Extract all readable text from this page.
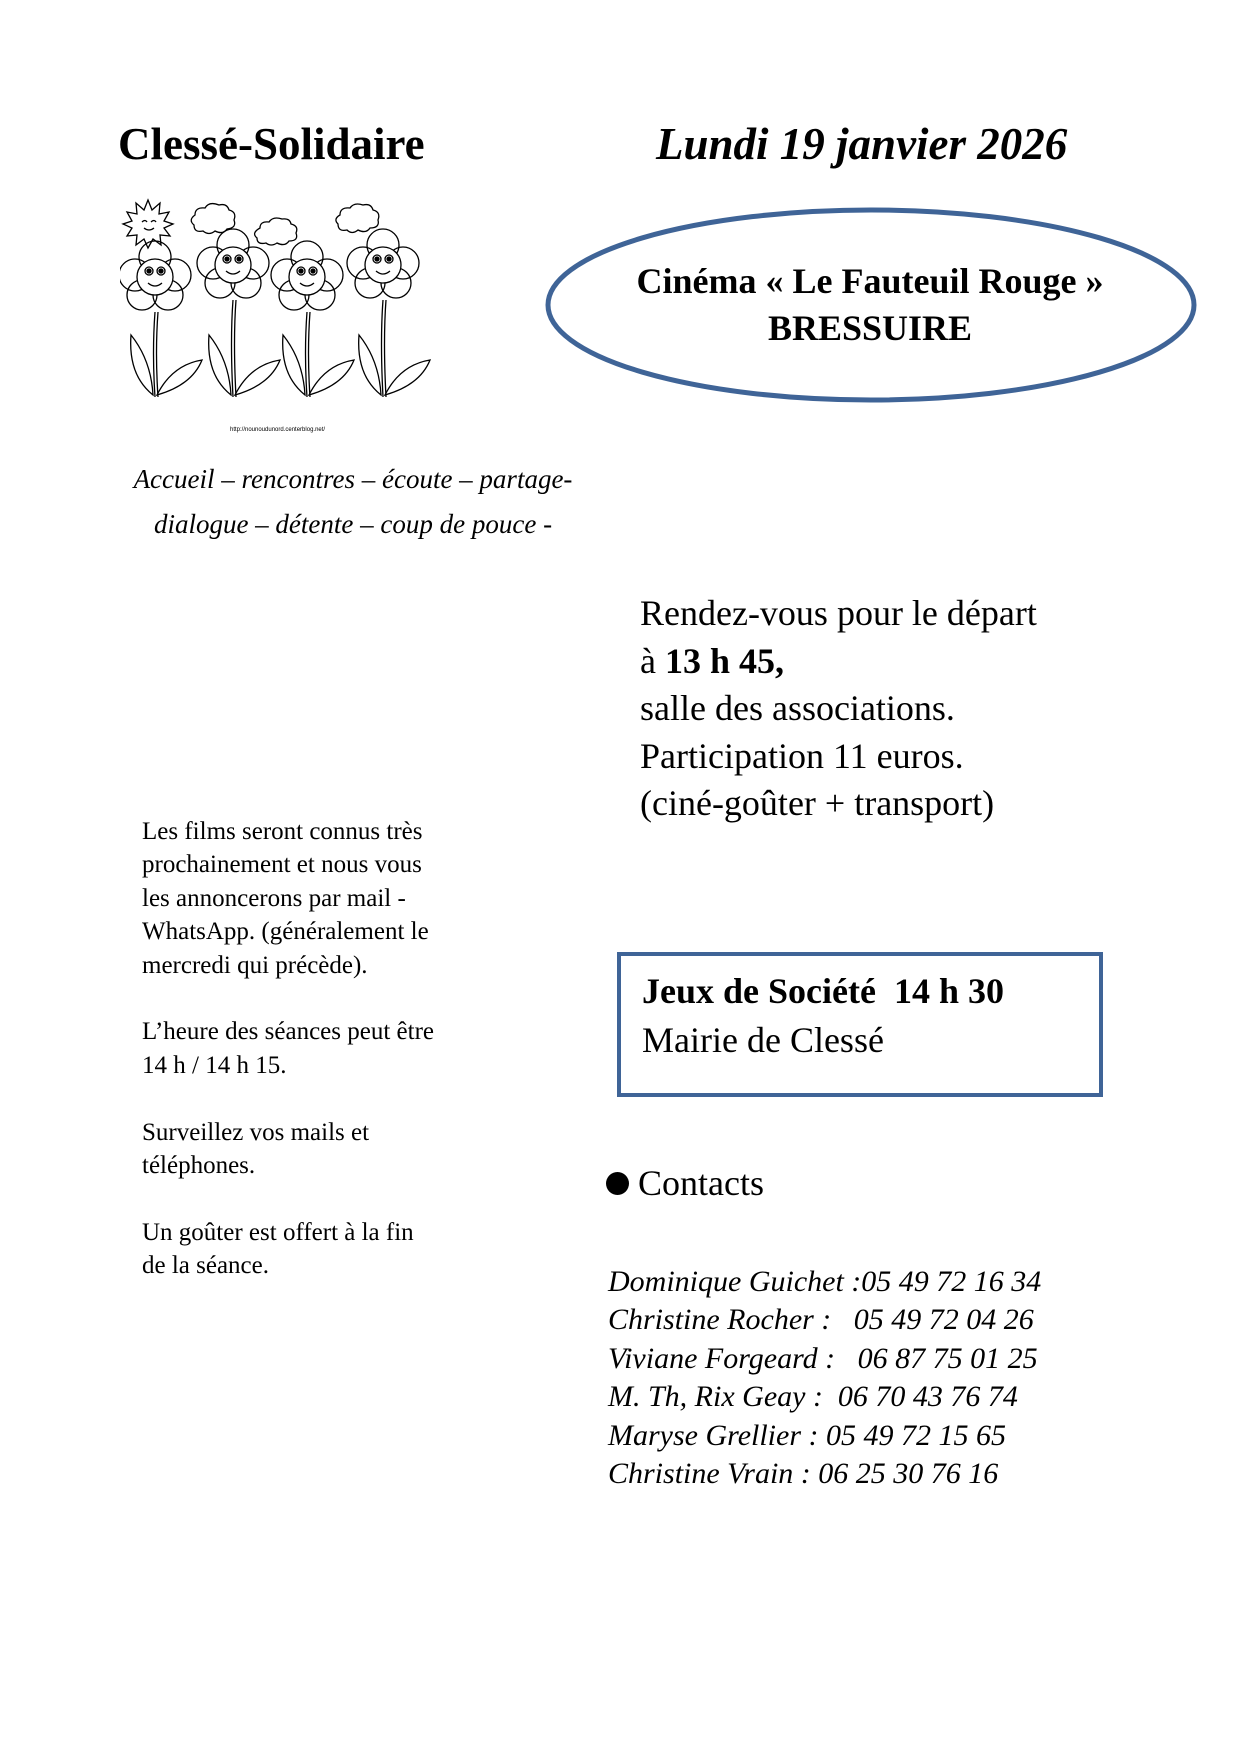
Clessé-Solidaire	Lundi 19 janvier 2026
http://nounoudunord.centerblog.net/
Cinéma « Le Fauteuil Rouge »
BRESSUIRE
Accueil – rencontres – écoute – partage-
dialogue – détente – coup de pouce -
Rendez-vous pour le départ
à 13 h 45,
salle des associations.
Participation 11 euros.
(ciné-goûter + transport)

Les films seront connus très
prochainement et nous vous
les annoncerons par mail -
WhatsApp. (généralement le
mercredi qui précède).

L’heure des séances peut être
14 h / 14 h 15.

Surveillez vos mails et
téléphones.

Un goûter est offert à la fin
de la séance.

Jeux de Société  14 h 30
Mairie de Clessé
Contacts
Dominique Guichet :05 49 72 16 34
Christine Rocher :   05 49 72 04 26
Viviane Forgeard :   06 87 75 01 25
M. Th, Rix Geay :  06 70 43 76 74
Maryse Grellier : 05 49 72 15 65
Christine Vrain : 06 25 30 76 16
